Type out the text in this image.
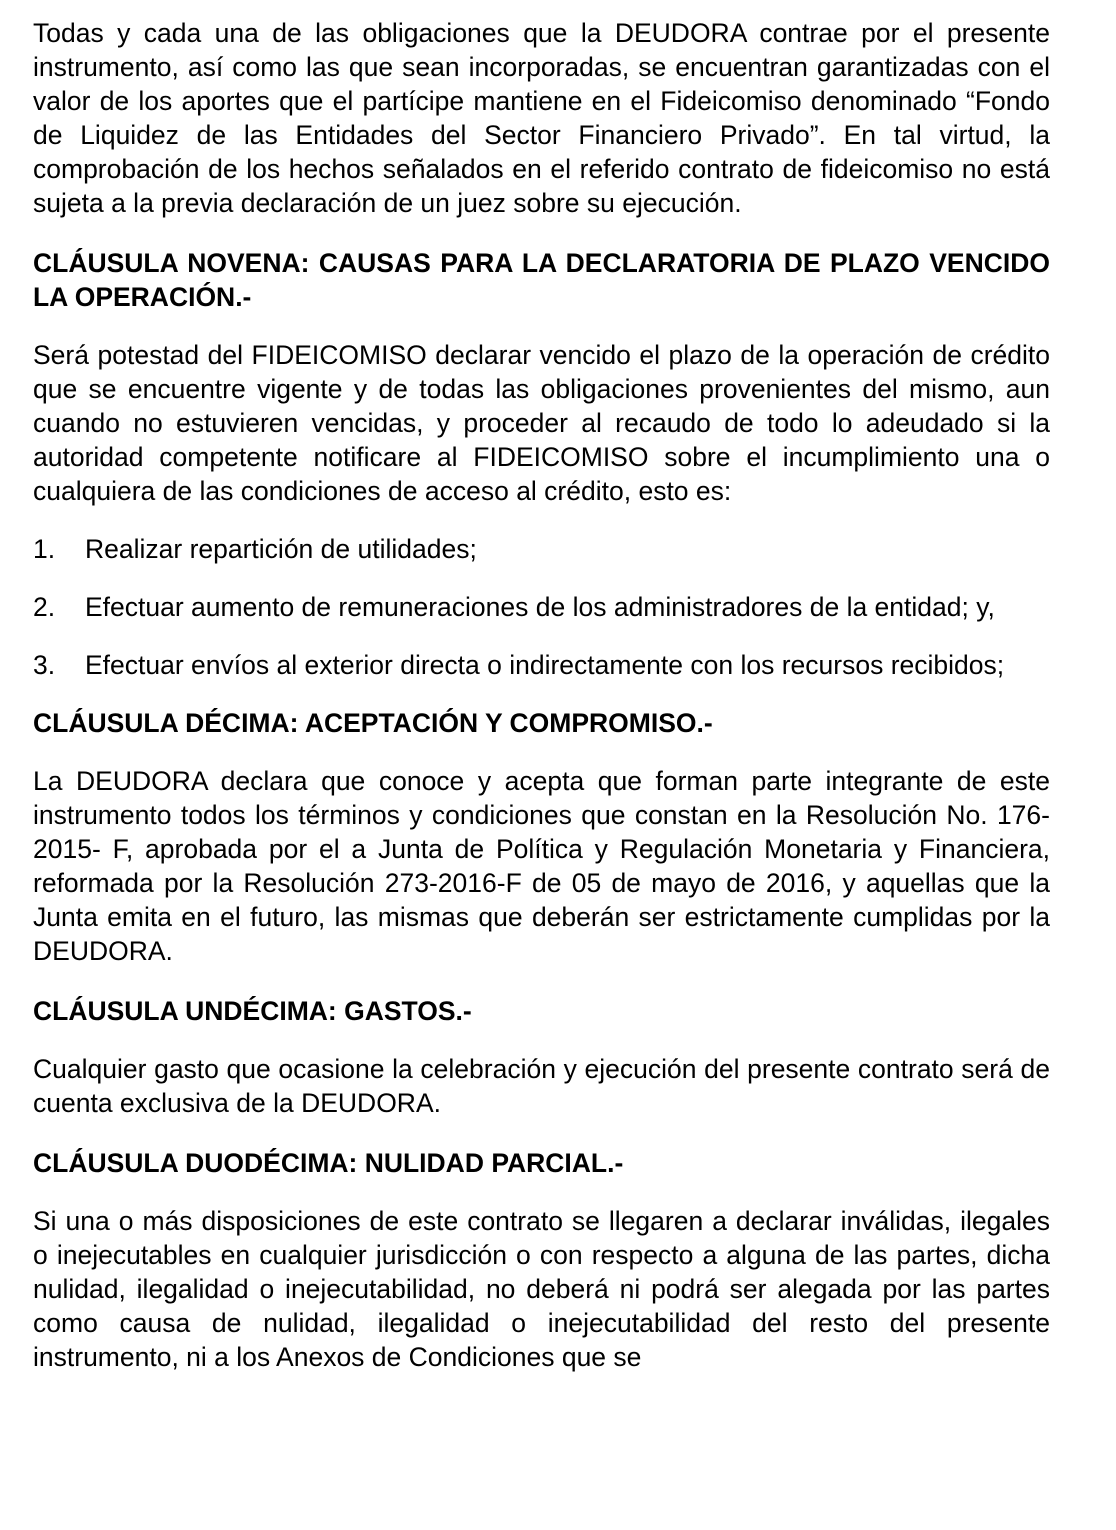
Todas y cada una de las obligaciones que la DEUDORA contrae por el presente instrumento, así como las que sean incorporadas, se encuentran garantizadas con el valor de los aportes que el partícipe mantiene en el Fideicomiso denominado “Fondo de Liquidez de las Entidades del Sector Financiero Privado”. En tal virtud, la comprobación de los hechos señalados en el referido contrato de fideicomiso no está sujeta a la previa declaración de un juez sobre su ejecución.

CLÁUSULA NOVENA: CAUSAS PARA LA DECLARATORIA DE PLAZO VENCIDO LA OPERACIÓN.-

Será potestad del FIDEICOMISO declarar vencido el plazo de la operación de crédito que se encuentre vigente y de todas las obligaciones provenientes del mismo, aun cuando no estuvieren vencidas, y proceder al recaudo de todo lo adeudado si la autoridad competente notificare al FIDEICOMISO sobre el incumplimiento una o cualquiera de las condiciones de acceso al crédito, esto es:

1.	Realizar repartición de utilidades;
2.	Efectuar aumento de remuneraciones de los administradores de la entidad; y,
3.	Efectuar envíos al exterior directa o indirectamente con los recursos recibidos;

CLÁUSULA DÉCIMA: ACEPTACIÓN Y COMPROMISO.-

La DEUDORA declara que conoce y acepta que forman parte integrante de este instrumento todos los términos y condiciones que constan en la Resolución No. 176- 2015- F, aprobada por el a Junta de Política y Regulación Monetaria y Financiera, reformada por la Resolución 273-2016-F de 05 de mayo de 2016, y aquellas que la Junta emita en el futuro, las mismas que deberán ser estrictamente cumplidas por la DEUDORA.

CLÁUSULA UNDÉCIMA: GASTOS.-

Cualquier gasto que ocasione la celebración y ejecución del presente contrato será de cuenta exclusiva de la DEUDORA.

CLÁUSULA DUODÉCIMA: NULIDAD PARCIAL.-

Si una o más disposiciones de este contrato se llegaren a declarar inválidas, ilegales o inejecutables en cualquier jurisdicción o con respecto a alguna de las partes, dicha nulidad, ilegalidad o inejecutabilidad, no deberá ni podrá ser alegada por las partes como causa de nulidad, ilegalidad o inejecutabilidad del resto del presente instrumento, ni a los Anexos de Condiciones que se
